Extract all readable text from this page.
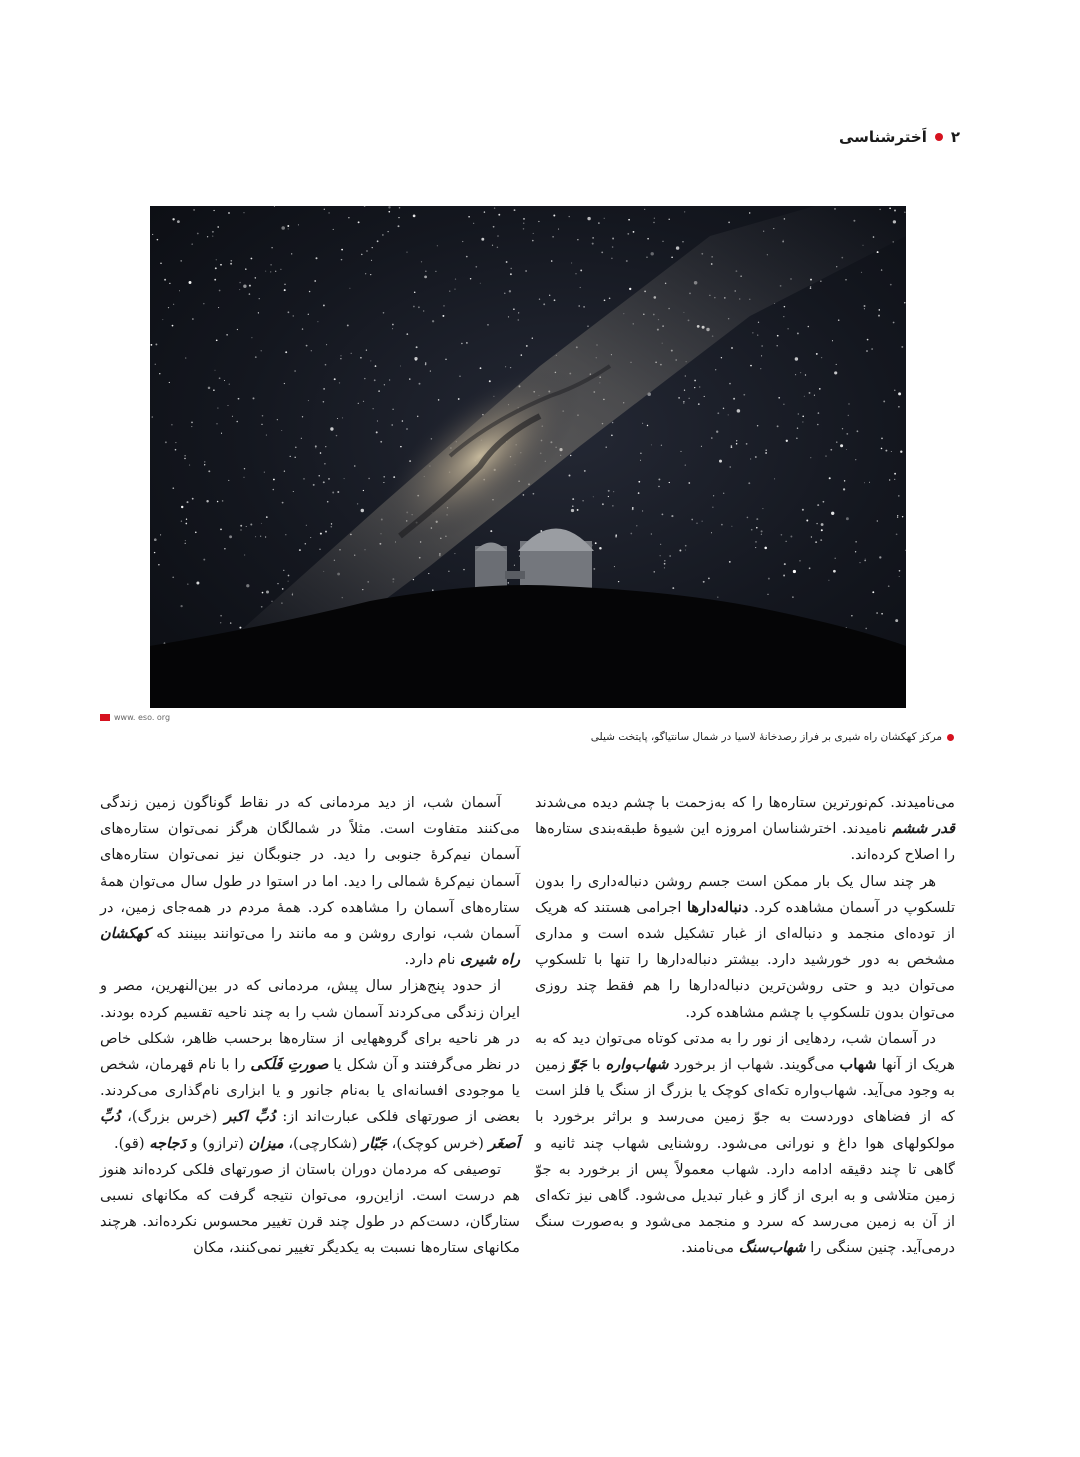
۲
اَخترشناسی
www. eso. org
مرکز کهکشان راه شیری بر فراز رصدخانهٔ لاسیا در شمال سانتیاگو، پایتخت شیلی

می‌نامیدند. کم‌نورترین ستاره‌ها را که به‌زحمت با چشم دیده می‌شدند قدر ششم نامیدند. اخترشناسان امروزه این شیوهٔ طبقه‌بندی ستاره‌ها را اصلاح کرده‌اند.

هر چند سال یک بار ممکن است جسم روشن دنباله‌داری را بدون تلسکوپ در آسمان مشاهده کرد. دنباله‌دارها اجرامی هستند که هریک از توده‌ای منجمد و دنباله‌ای از غبار تشکیل شده است و مداری مشخص به دور خورشید دارد. بیشتر دنباله‌دارها را تنها با تلسکوپ می‌توان دید و حتی روشن‌ترین دنباله‌دارها را هم فقط چند روزی می‌توان بدون تلسکوپ با چشم مشاهده کرد.

در آسمان شب، ردهایی از نور را به مدتی کوتاه می‌توان دید که به هریک از آنها شهاب می‌گویند. شهاب از برخورد شهاب‌واره با جَوّ زمین به وجود می‌آید. شهاب‌واره تکه‌ای کوچک یا بزرگ از سنگ یا فلز است که از فضاهای دوردست به جوّ زمین می‌رسد و براثر برخورد با مولکولهای هوا داغ و نورانی می‌شود. روشنایی شهاب چند ثانیه و گاهی تا چند دقیقه ادامه دارد. شهاب معمولاً پس از برخورد به جوّ زمین متلاشی و به ابری از گاز و غبار تبدیل می‌شود. گاهی نیز تکه‌ای از آن به زمین می‌رسد که سرد و منجمد می‌شود و به‌صورت سنگ درمی‌آید. چنین سنگی را شهاب‌سنگ می‌نامند.

آسمان شب، از دید مردمانی که در نقاط گوناگون زمین زندگی می‌کنند متفاوت است. مثلاً در شمالگان هرگز نمی‌توان ستاره‌های آسمان نیم‌کرهٔ جنوبی را دید. در جنوبگان نیز نمی‌توان ستاره‌های آسمان نیم‌کرهٔ شمالی را دید. اما در استوا در طول سال می‌توان همهٔ ستاره‌های آسمان را مشاهده کرد. همهٔ مردم در همه‌جای زمین، در آسمان شب، نواری روشن و مه مانند را می‌توانند ببینند که کهکشان راه شیری نام دارد.

از حدود پنج‌هزار سال پیش، مردمانی که در بین‌النهرین، مصر و ایران زندگی می‌کردند آسمان شب را به چند ناحیه تقسیم کرده بودند. در هر ناحیه برای گروههایی از ستاره‌ها برحسب ظاهر، شکلی خاص در نظر می‌گرفتند و آن شکل یا صورتِ فَلَکی را با نام قهرمان، شخص یا موجودی افسانه‌ای یا به‌نام جانور و یا ابزاری نام‌گذاری می‌کردند. بعضی از صورتهای فلکی عبارت‌اند از: دُبِّ اکبر (خرس بزرگ)، دُبِّ اَصغَر (خرس کوچک)، جَبّار (شکارچی)، میزان (ترازو) و دَجاجه (قو).

توصیفی که مردمان دوران باستان از صورتهای فلکی کرده‌اند هنوز هم درست است. ازاین‌رو، می‌توان نتیجه گرفت که مکانهای نسبی ستارگان، دست‌کم در طول چند قرن تغییر محسوس نکرده‌اند. هرچند مکانهای ستاره‌ها نسبت به یکدیگر تغییر نمی‌کنند، مکان
